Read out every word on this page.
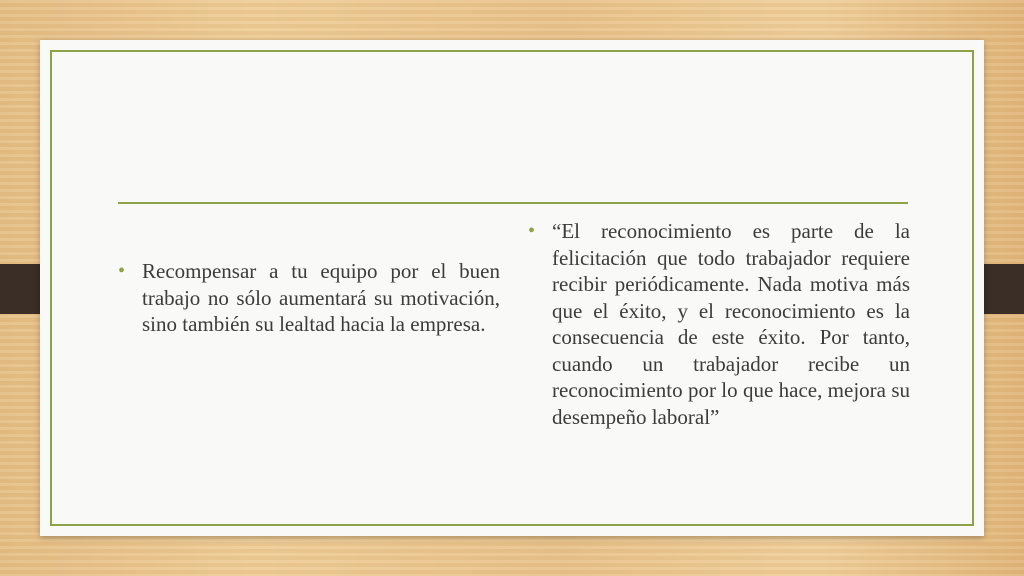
• Recompensar a tu equipo por el buen trabajo no sólo aumentará su motivación, sino también su lealtad hacia la empresa.
• “El reconocimiento es parte de la felicitación que todo trabajador requiere recibir periódicamente. Nada motiva más que el éxito, y el reconocimiento es la consecuencia de este éxito. Por tanto, cuando un trabajador recibe un reconocimiento por lo que hace, mejora su desempeño laboral”
